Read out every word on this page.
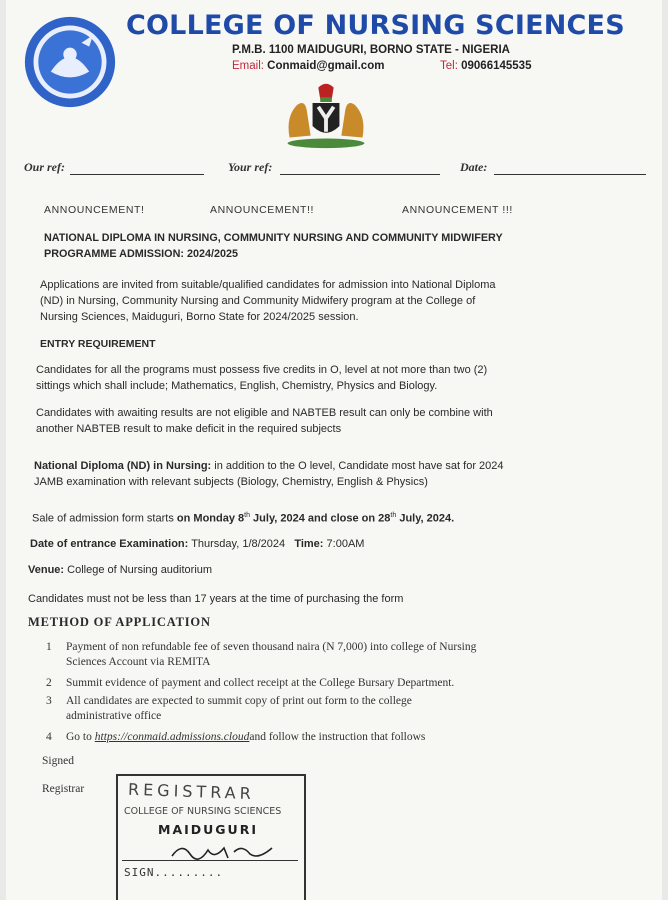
COLLEGE OF NURSING SCIENCES
P.M.B. 1100 MAIDUGURI, BORNO STATE - NIGERIA
Email: Conmaid@gmail.com	Tel: 09066145535
Our ref:	Your ref:	Date:
ANNOUNCEMENT!	ANNOUNCEMENT!!	ANNOUNCEMENT !!!
NATIONAL DIPLOMA IN NURSING, COMMUNITY NURSING AND COMMUNITY MIDWIFERY
PROGRAMME ADMISSION: 2024/2025
Applications are invited from suitable/qualified candidates for admission into National Diploma
(ND) in Nursing, Community Nursing and Community Midwifery program at the College of
Nursing Sciences, Maiduguri, Borno State for 2024/2025 session.
ENTRY REQUIREMENT
Candidates for all the programs must possess five credits in O, level at not more than two (2)
sittings which shall include; Mathematics, English, Chemistry, Physics and Biology.
Candidates with awaiting results are not eligible and NABTEB result can only be combine with
another NABTEB result to make deficit in the required subjects
National Diploma (ND) in Nursing: in addition to the O level, Candidate most have sat for 2024
JAMB examination with relevant subjects (Biology, Chemistry, English & Physics)
Sale of admission form starts on Monday 8th July, 2024 and close on 28th July, 2024.
Date of entrance Examination: Thursday, 1/8/2024 Time: 7:00AM
Venue: College of Nursing auditorium
Candidates must not be less than 17 years at the time of purchasing the form
METHOD OF APPLICATION
1 Payment of non refundable fee of seven thousand naira (N 7,000) into college of Nursing
Sciences Account via REMITA
2 Summit evidence of payment and collect receipt at the College Bursary Department.
3 All candidates are expected to summit copy of print out form to the college
administrative office
4 Go to https://conmaid.admissions.cloudand follow the instruction that follows
Signed
Registrar	REGISTRAR
COLLEGE OF NURSING SCIENCES
MAIDUGURI
SIGN.........
